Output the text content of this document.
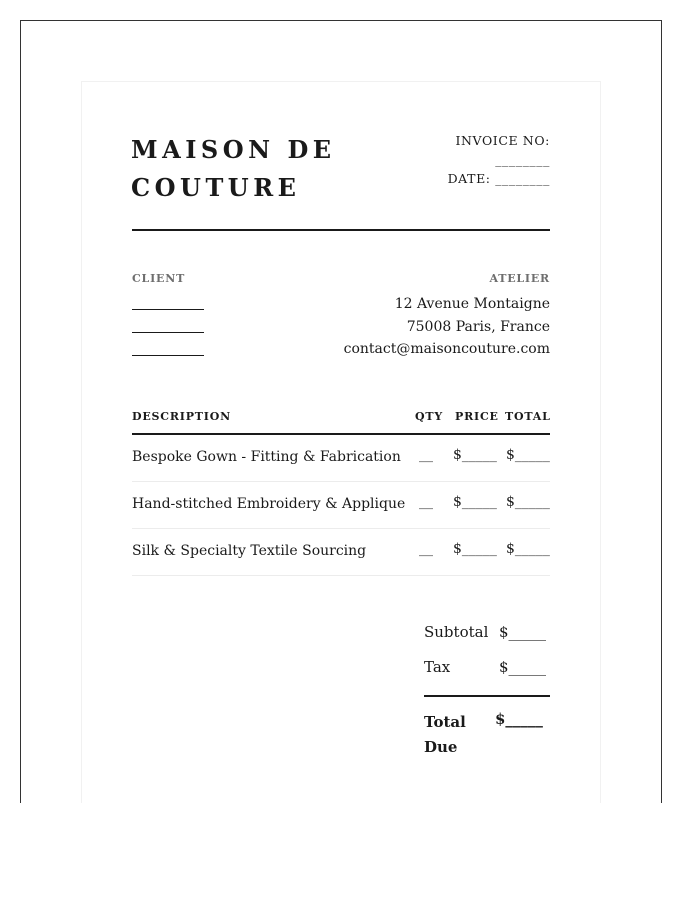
MAISON DE COUTURE
INVOICE NO:
________
DATE: ________
CLIENT	ATELIER
12 Avenue Montaigne
75008 Paris, France
contact@maisoncouture.com
DESCRIPTION	QTY PRICE TOTAL
Bespoke Gown - Fitting & Fabrication __ $_____ $_____
Hand-stitched Embroidery & Applique __ $_____ $_____
Silk & Specialty Textile Sourcing	__ $_____ $_____
Subtotal $_____
Tax	$_____
Total Due
$_____
